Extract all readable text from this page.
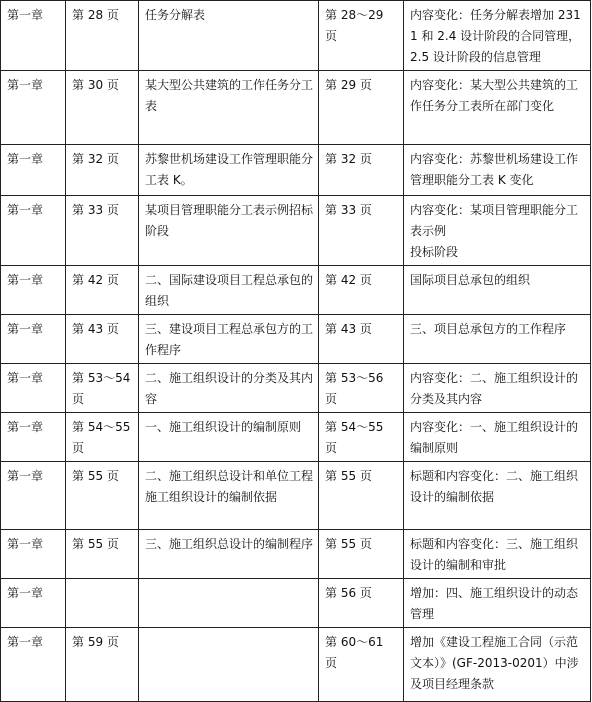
第一章	第 28 页	任务分解表	第 28～29 页	内容变化：任务分解表增加 2311 和 2.4 设计阶段的合同管理，2.5 设计阶段的信息管理
第一章	第 30 页	某大型公共建筑的工作任务分工表	第 29 页	内容变化：某大型公共建筑的工作任务分工表所在部门变化
第一章	第 32 页	苏黎世机场建设工作管理职能分工表 K。	第 32 页	内容变化：苏黎世机场建设工作管理职能分工表 K 变化
第一章	第 33 页	某项目管理职能分工表示例招标阶段	第 33 页	内容变化：某项目管理职能分工表示例
投标阶段
第一章	第 42 页	二、国际建设项目工程总承包的组织	第 42 页	国际项目总承包的组织
第一章	第 43 页	三、建设项目工程总承包方的工作程序	第 43 页	三、项目总承包方的工作程序
第一章	第 53～54 页	二、施工组织设计的分类及其内容	第 53～56 页	内容变化：二、施工组织设计的分类及其内容
第一章	第 54～55 页	一、施工组织设计的编制原则	第 54～55 页	内容变化：一、施工组织设计的编制原则
第一章	第 55 页	二、施工组织总设计和单位工程施工组织设计的编制依据	第 55 页	标题和内容变化：二、施工组织设计的编制依据
第一章	第 55 页	三、施工组织总设计的编制程序	第 55 页	标题和内容变化：三、施工组织设计的编制和审批
第一章			第 56 页	增加：四、施工组织设计的动态管理
第一章	第 59 页		第 60～61 页	增加《建设工程施工合同（示范文本）》(GF-2013-0201）中涉及项目经理条款
